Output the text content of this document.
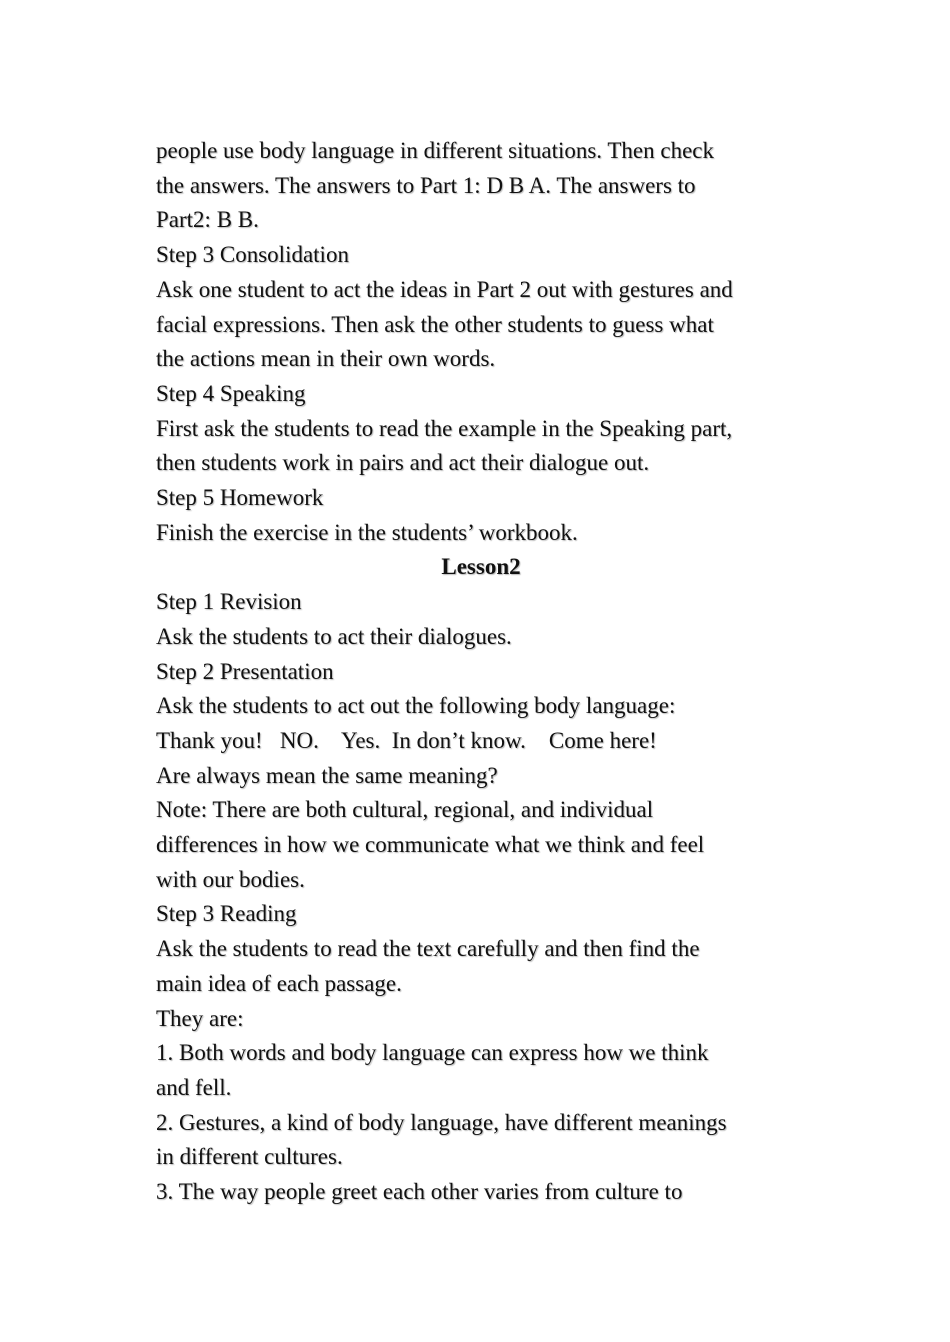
people use body language in different situations. Then check

the answers. The answers to Part 1: D B A. The answers to

Part2: B B.

Step 3 Consolidation

Ask one student to act the ideas in Part 2 out with gestures and

facial expressions. Then ask the other students to guess what

the actions mean in their own words.

Step 4 Speaking

First ask the students to read the example in the Speaking part,

then students work in pairs and act their dialogue out.

Step 5 Homework

Finish the exercise in the students’ workbook.

Lesson2

Step 1 Revision

Ask the students to act their dialogues.

Step 2 Presentation

Ask the students to act out the following body language:

Thank you!   NO.    Yes.  In don’t know.    Come here!

Are always mean the same meaning?

Note: There are both cultural, regional, and individual

differences in how we communicate what we think and feel

with our bodies.

Step 3 Reading

Ask the students to read the text carefully and then find the

main idea of each passage.

They are:

1. Both words and body language can express how we think

and fell.

2. Gestures, a kind of body language, have different meanings

in different cultures.

3. The way people greet each other varies from culture to
